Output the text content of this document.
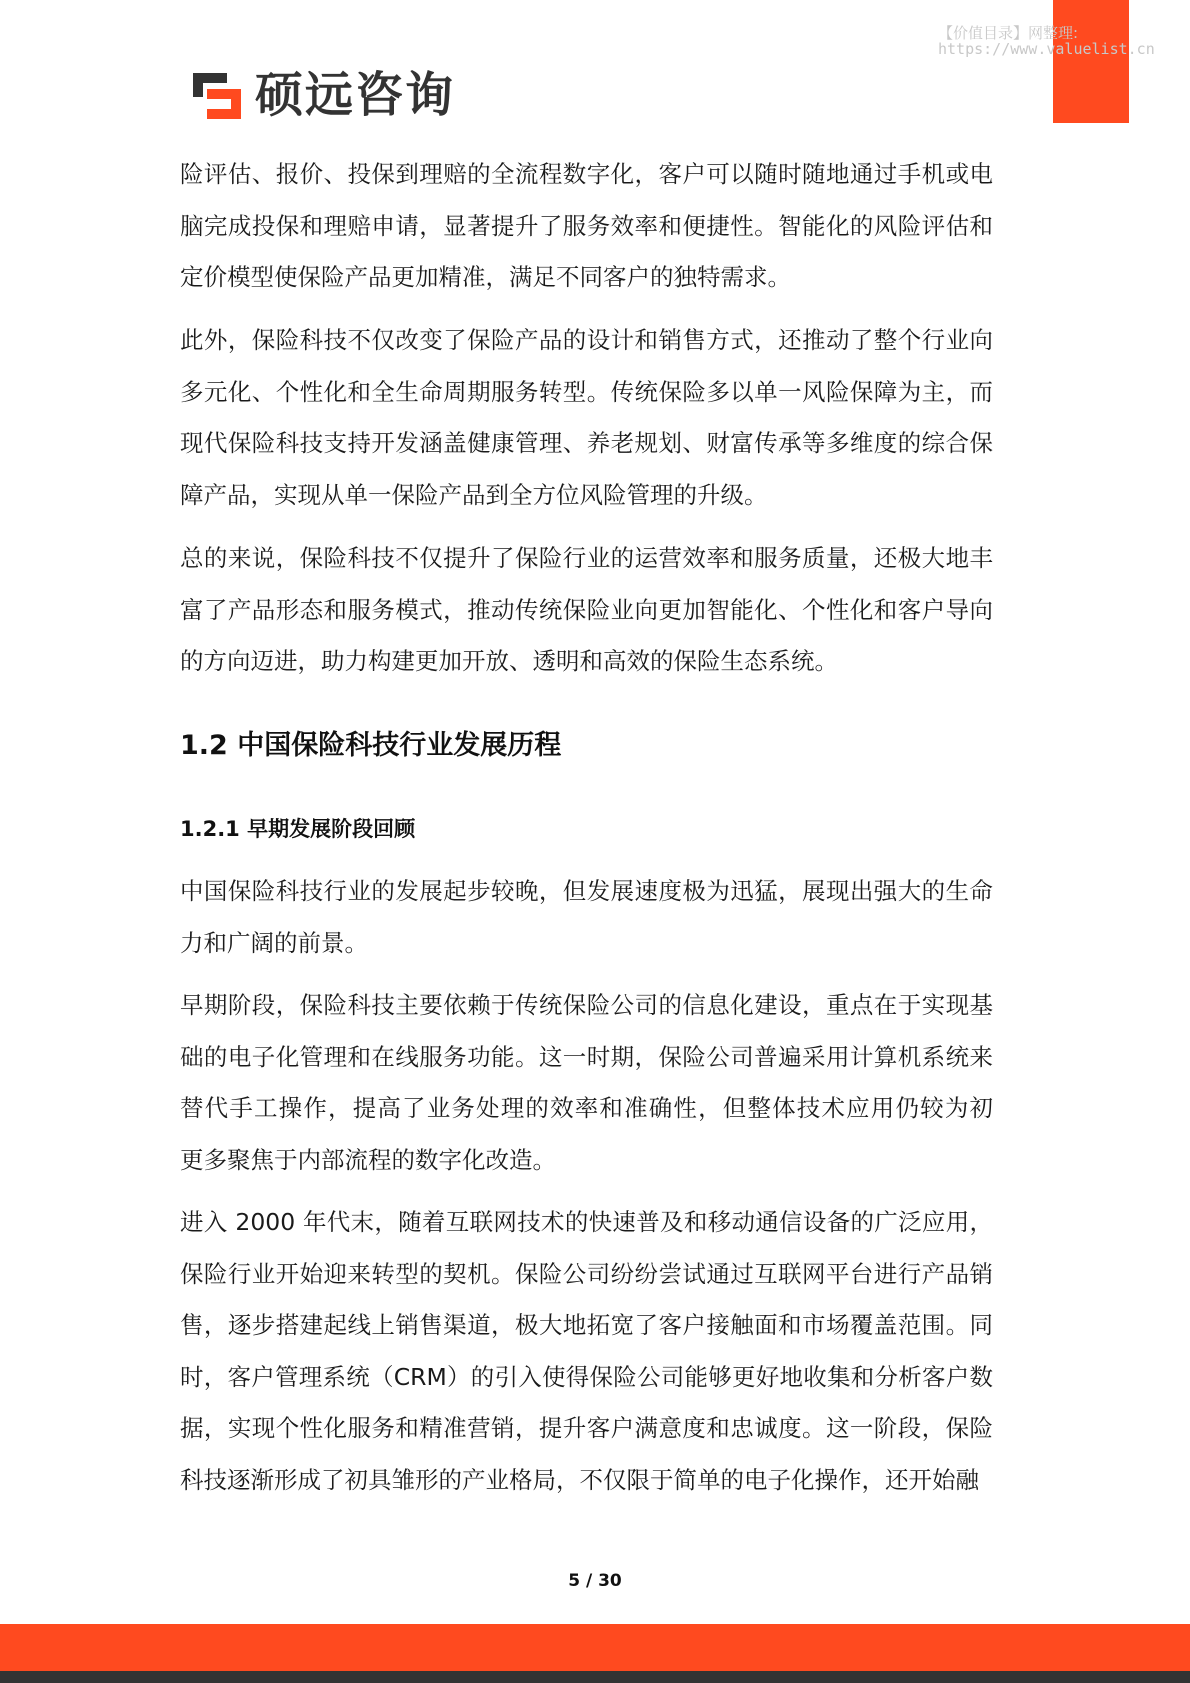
硕远咨询
【价值目录】网整理:
https://www.valuelist.cn
险评估、报价、投保到理赔的全流程数字化，客户可以随时随地通过手机或电
脑完成投保和理赔申请，显著提升了服务效率和便捷性。智能化的风险评估和
定价模型使保险产品更加精准，满足不同客户的独特需求。
此外，保险科技不仅改变了保险产品的设计和销售方式，还推动了整个行业向
多元化、个性化和全生命周期服务转型。传统保险多以单一风险保障为主，而
现代保险科技支持开发涵盖健康管理、养老规划、财富传承等多维度的综合保
障产品，实现从单一保险产品到全方位风险管理的升级。
总的来说，保险科技不仅提升了保险行业的运营效率和服务质量，还极大地丰
富了产品形态和服务模式，推动传统保险业向更加智能化、个性化和客户导向
的方向迈进，助力构建更加开放、透明和高效的保险生态系统。
1.2 中国保险科技行业发展历程
1.2.1 早期发展阶段回顾
中国保险科技行业的发展起步较晚，但发展速度极为迅猛，展现出强大的生命
力和广阔的前景。
早期阶段，保险科技主要依赖于传统保险公司的信息化建设，重点在于实现基
础的电子化管理和在线服务功能。这一时期，保险公司普遍采用计算机系统来
替代手工操作，提高了业务处理的效率和准确性，但整体技术应用仍较为初
更多聚焦于内部流程的数字化改造。
进入 2000 年代末，随着互联网技术的快速普及和移动通信设备的广泛应用，
保险行业开始迎来转型的契机。保险公司纷纷尝试通过互联网平台进行产品销
售，逐步搭建起线上销售渠道，极大地拓宽了客户接触面和市场覆盖范围。同
时，客户管理系统（CRM）的引入使得保险公司能够更好地收集和分析客户数
据，实现个性化服务和精准营销，提升客户满意度和忠诚度。这一阶段，保险
科技逐渐形成了初具雏形的产业格局，不仅限于简单的电子化操作，还开始融
5 / 30
